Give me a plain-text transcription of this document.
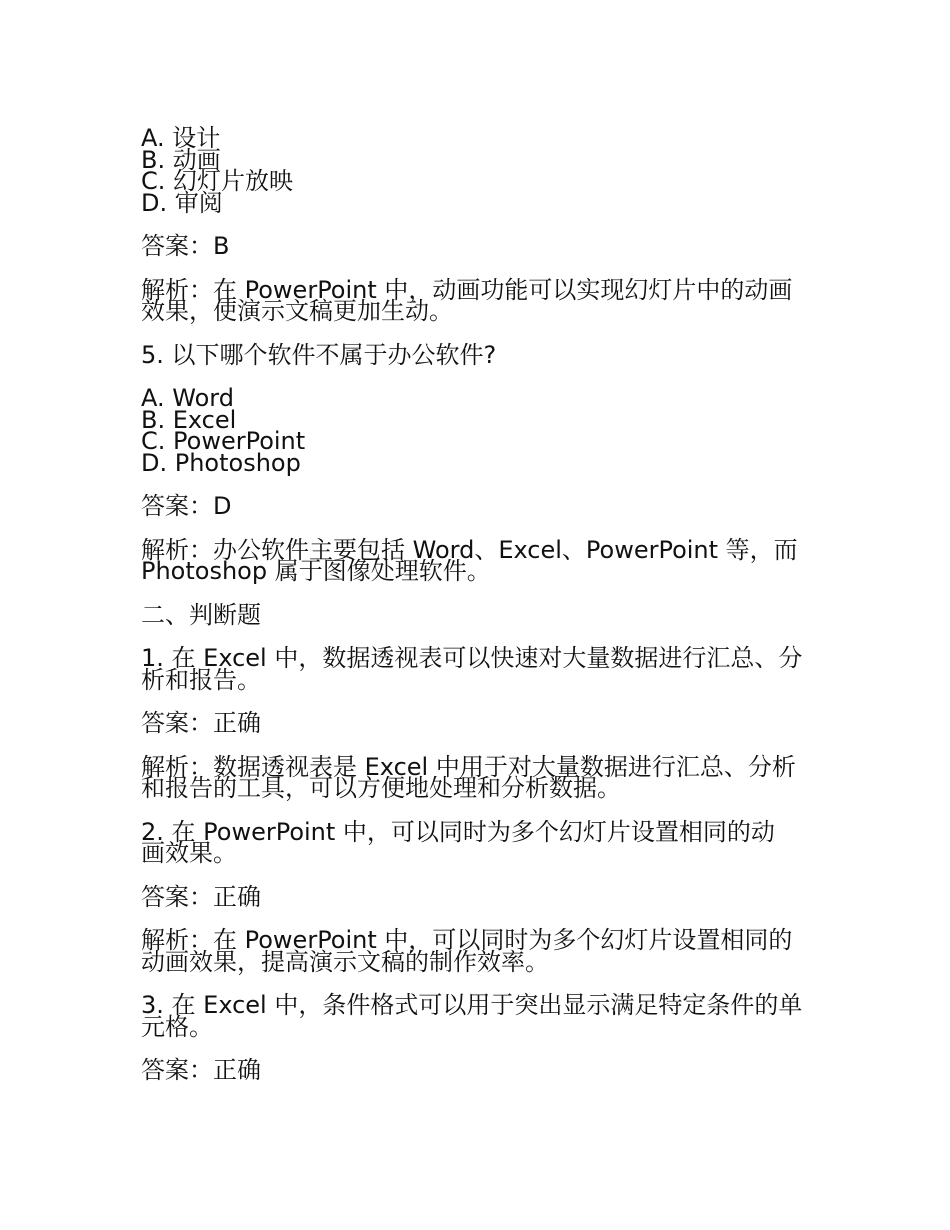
A. 设计
B. 动画
C. 幻灯片放映
D. 审阅
答案：B
解析：在 PowerPoint 中，动画功能可以实现幻灯片中的动画
效果，使演示文稿更加生动。
5. 以下哪个软件不属于办公软件?
A. Word
B. Excel
C. PowerPoint
D. Photoshop
答案：D
解析：办公软件主要包括 Word、Excel、PowerPoint 等，而
Photoshop 属于图像处理软件。
二、判断题
1. 在 Excel 中，数据透视表可以快速对大量数据进行汇总、分
析和报告。
答案：正确
解析：数据透视表是 Excel 中用于对大量数据进行汇总、分析
和报告的工具，可以方便地处理和分析数据。
2. 在 PowerPoint 中，可以同时为多个幻灯片设置相同的动
画效果。
答案：正确
解析：在 PowerPoint 中，可以同时为多个幻灯片设置相同的
动画效果，提高演示文稿的制作效率。
3. 在 Excel 中，条件格式可以用于突出显示满足特定条件的单
元格。
答案：正确
